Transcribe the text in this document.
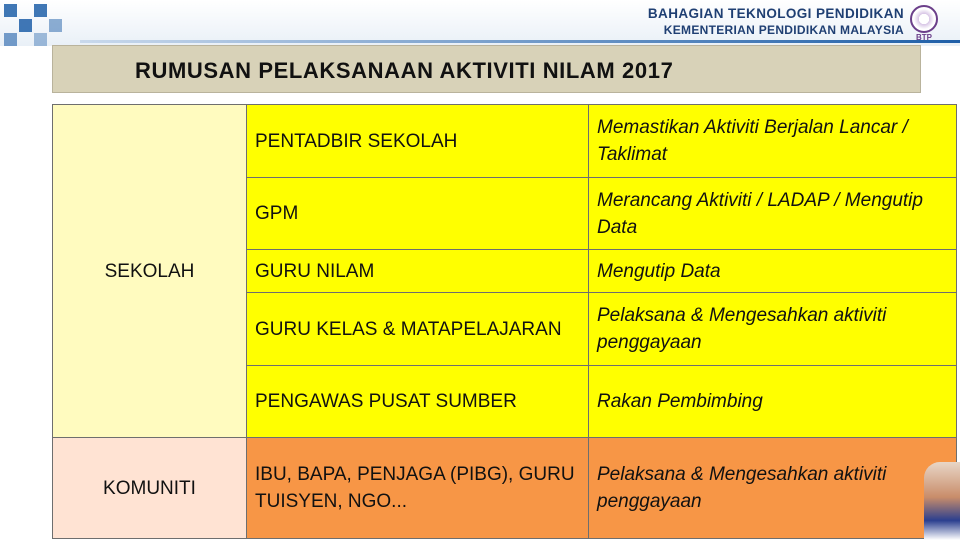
BAHAGIAN TEKNOLOGI PENDIDIKAN
KEMENTERIAN PENDIDIKAN MALAYSIA
BTP
RUMUSAN PELAKSANAAN AKTIVITI NILAM 2017
SEKOLAH	PENTADBIR SEKOLAH	Memastikan Aktiviti Berjalan Lancar / Taklimat
	GPM	Merancang Aktiviti / LADAP / Mengutip Data
	GURU NILAM	Mengutip Data
	GURU KELAS & MATAPELAJARAN	Pelaksana & Mengesahkan aktiviti penggayaan
	PENGAWAS PUSAT SUMBER	Rakan Pembimbing
KOMUNITI	IBU, BAPA, PENJAGA (PIBG), GURU TUISYEN, NGO...	Pelaksana & Mengesahkan aktiviti penggayaan
